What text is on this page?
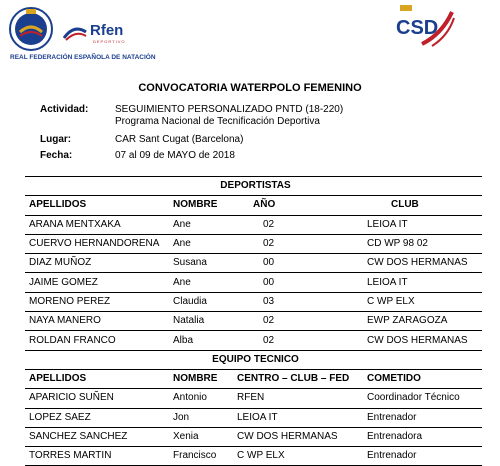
Rfen
DEPORTIVO
REAL FEDERACIÓN ESPAÑOLA DE NATACIÓN
CSD
CONVOCATORIA WATERPOLO FEMENINO
Actividad:	SEGUIMIENTO PERSONALIZADO PNTD (18-220)
Programa Nacional de Tecnificación Deportiva
Lugar:	CAR Sant Cugat (Barcelona)
Fecha:	07 al 09 de MAYO de 2018
DEPORTISTAS			
APELLIDOS	NOMBRE	AÑO	CLUB
ARANA MENTXAKA	Ane	02	LEIOA IT
CUERVO HERNANDORENA	Ane	02	CD WP 98 02
DIAZ MUÑOZ	Susana	00	CW DOS HERMANAS
JAIME GOMEZ	Ane	00	LEIOA IT
MORENO PEREZ	Claudia	03	C WP ELX
NAYA MANERO	Natalia	02	EWP ZARAGOZA
ROLDAN FRANCO	Alba	02	CW DOS HERMANAS
EQUIPO TECNICO			
APELLIDOS	NOMBRE	CENTRO – CLUB – FED	COMETIDO
APARICIO SUÑEN	Antonio	RFEN	Coordinador Técnico
LOPEZ SAEZ	Jon	LEIOA IT	Entrenador
SANCHEZ SANCHEZ	Xenia	CW DOS HERMANAS	Entrenadora
TORRES MARTIN	Francisco	C WP ELX	Entrenador
